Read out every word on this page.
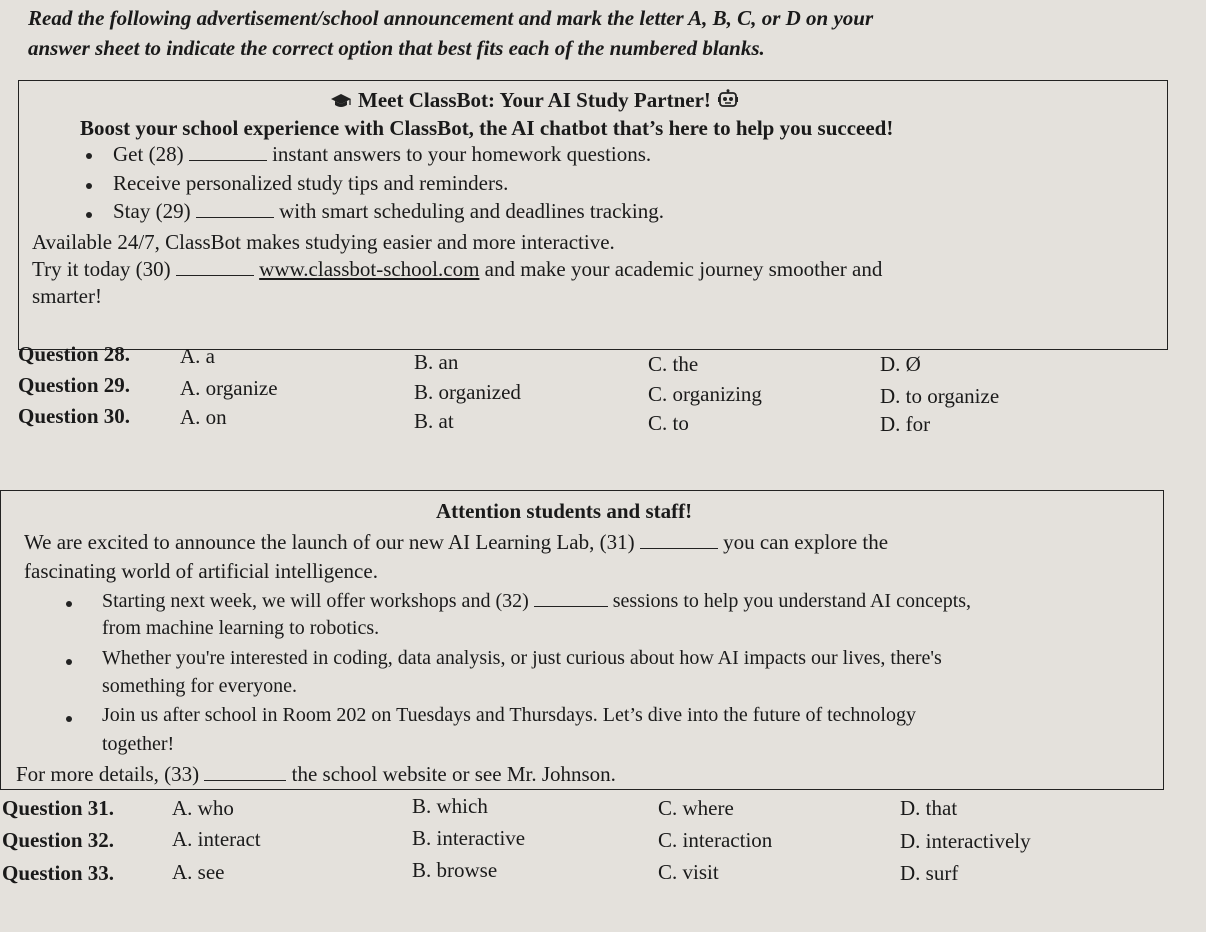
Read the following advertisement/school announcement and mark the letter A, B, C, or D on your
answer sheet to indicate the correct option that best fits each of the numbered blanks.
Meet ClassBot: Your AI Study Partner!
Boost your school experience with ClassBot, the AI chatbot that’s here to help you succeed!
Get (28)	instant answers to your homework questions.
Receive personalized study tips and reminders.
Stay (29)	with smart scheduling and deadlines tracking.
Available 24/7, ClassBot makes studying easier and more interactive.
Try it today (30)	www.classbot-school.com and make your academic journey smoother and
smarter!
Question 28. A. a	B. an	C. the	D. Ø
Question 29. A. organize	B. organized	C. organizing	D. to organize
Question 30. A. on	B. at	C. to	D. for
Attention students and staff!
We are excited to announce the launch of our new AI Learning Lab, (31)	you can explore the
fascinating world of artificial intelligence.
Starting next week, we will offer workshops and (32)	sessions to help you understand AI concepts,
from machine learning to robotics.
Whether you're interested in coding, data analysis, or just curious about how AI impacts our lives, there's
something for everyone.
Join us after school in Room 202 on Tuesdays and Thursdays. Let’s dive into the future of technology
together!
For more details, (33)	the school website or see Mr. Johnson.
Question 31.	A. who	B. which	C. where	D. that
Question 32.	A. interact	B. interactive	C. interaction	D. interactively
Question 33.	A. see	B. browse	C. visit	D. surf
